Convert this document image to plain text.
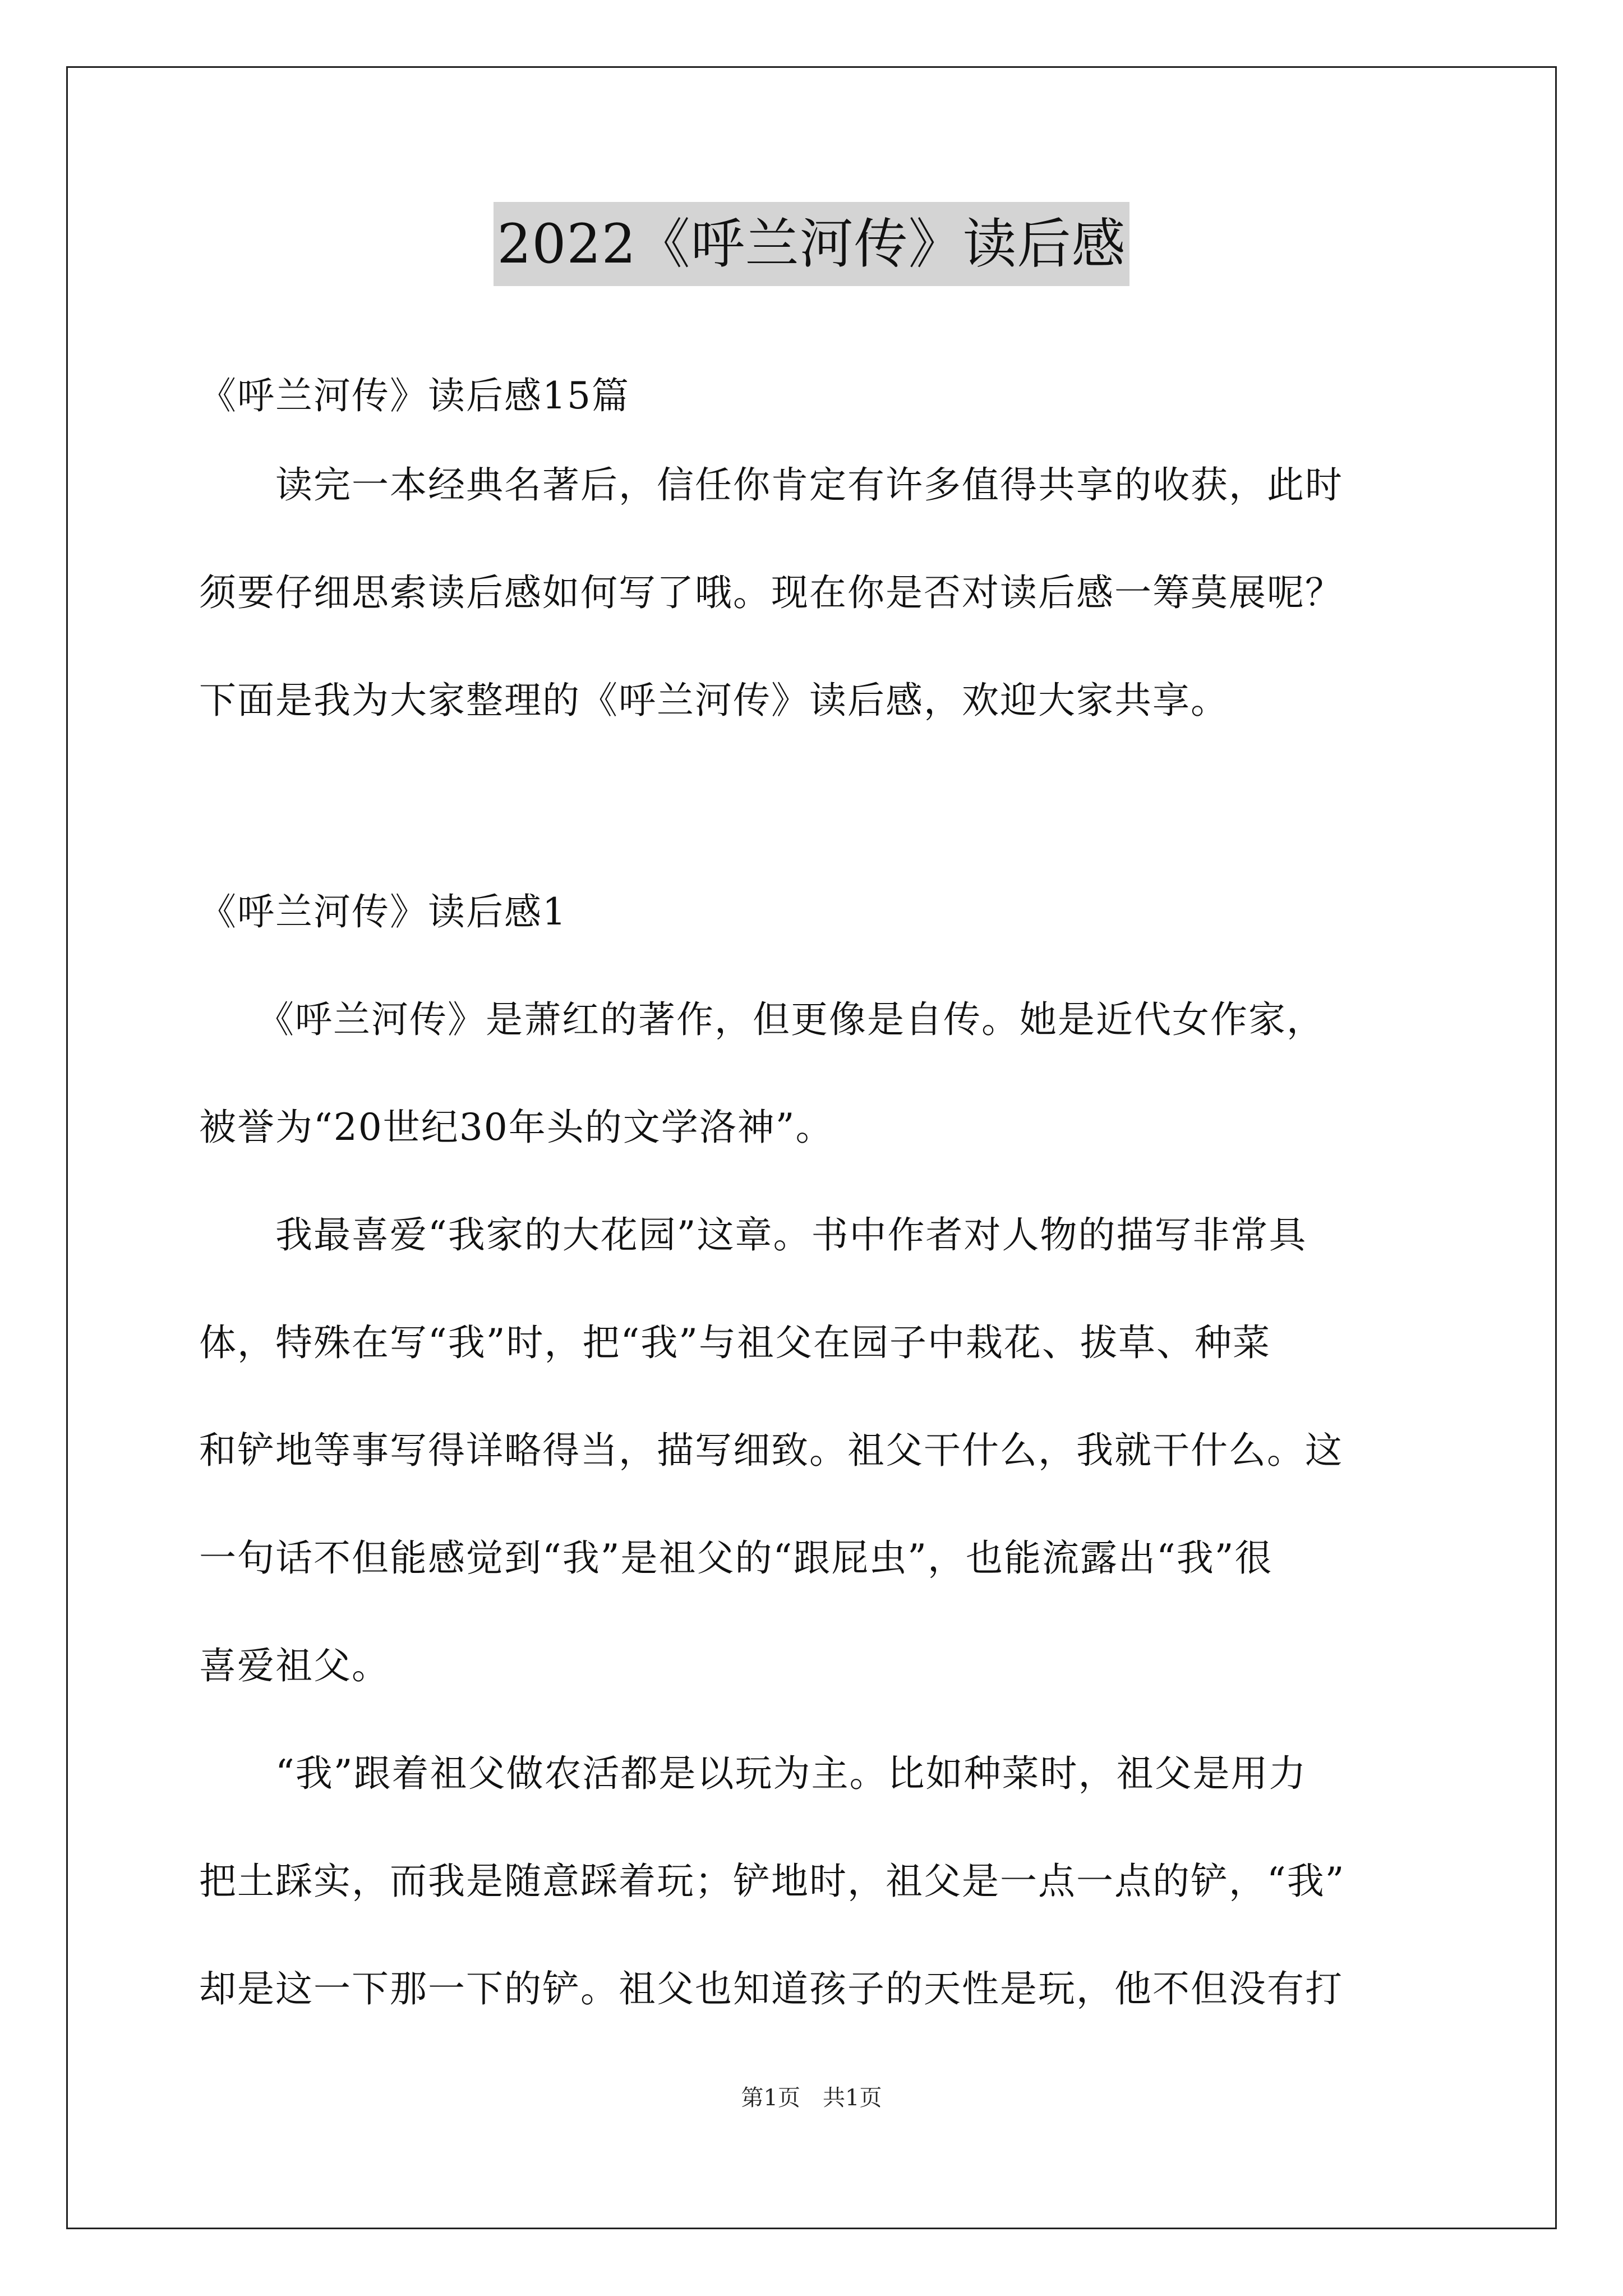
2022《呼兰河传》读后感
《呼兰河传》读后感15篇
　　读完一本经典名著后，信任你肯定有许多值得共享的收获，此时
须要仔细思索读后感如何写了哦。现在你是否对读后感一筹莫展呢？
下面是我为大家整理的《呼兰河传》读后感，欢迎大家共享。
《呼兰河传》读后感1
　　《呼兰河传》是萧红的著作，但更像是自传。她是近代女作家，
被誉为“20世纪30年头的文学洛神”。
　　我最喜爱“我家的大花园”这章。书中作者对人物的描写非常具
体，特殊在写“我”时，把“我”与祖父在园子中栽花、拔草、种菜
和铲地等事写得详略得当，描写细致。祖父干什么，我就干什么。这
一句话不但能感觉到“我”是祖父的“跟屁虫”，也能流露出“我”很
喜爱祖父。
　　“我”跟着祖父做农活都是以玩为主。比如种菜时，祖父是用力
把土踩实，而我是随意踩着玩；铲地时，祖父是一点一点的铲，“我”
却是这一下那一下的铲。祖父也知道孩子的天性是玩，他不但没有打
第1页　共1页
